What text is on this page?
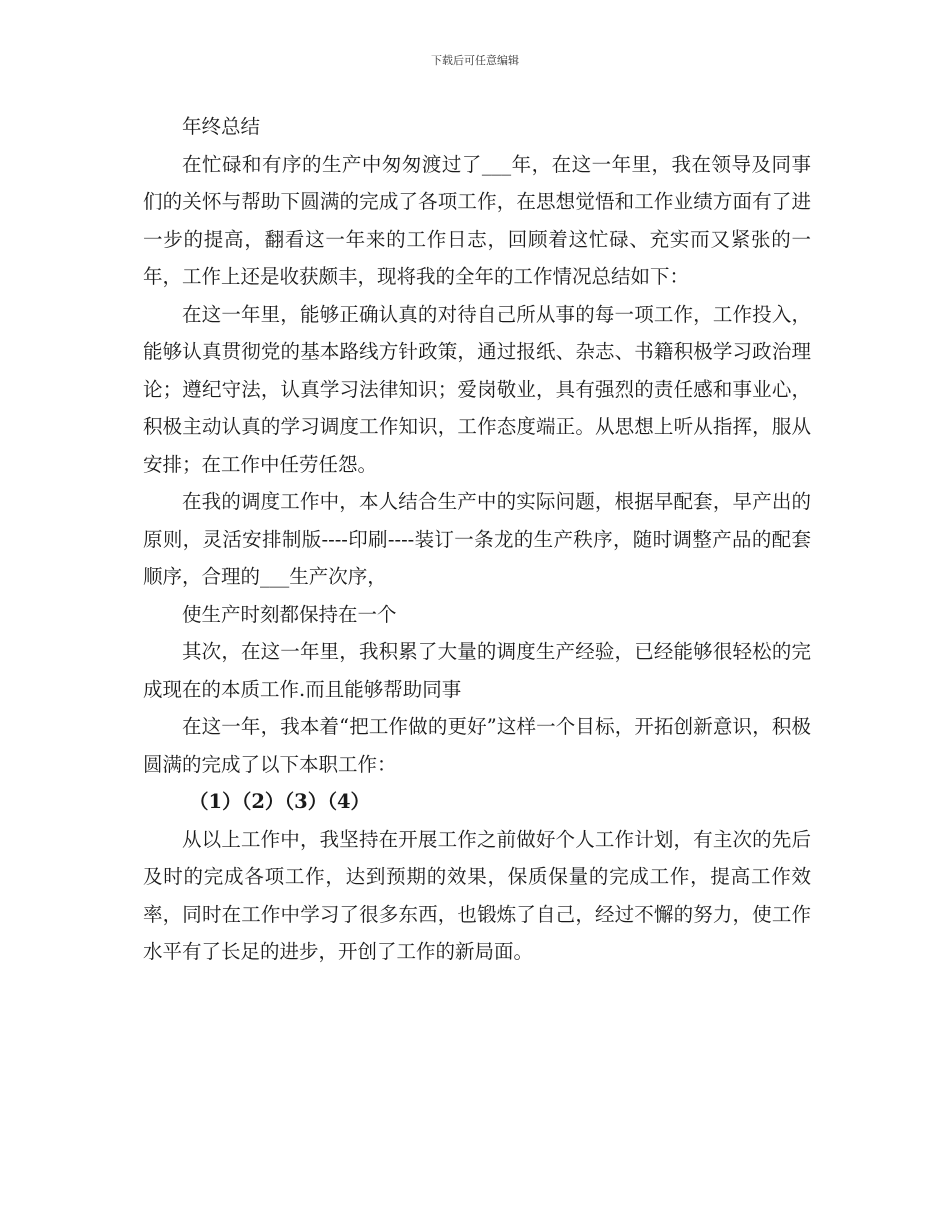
下载后可任意编辑

年终总结

在忙碌和有序的生产中匆匆渡过了___年，在这一年里，我在领导及同事们的关怀与帮助下圆满的完成了各项工作，在思想觉悟和工作业绩方面有了进一步的提高，翻看这一年来的工作日志，回顾着这忙碌、充实而又紧张的一年，工作上还是收获颇丰，现将我的全年的工作情况总结如下：

在这一年里，能够正确认真的对待自己所从事的每一项工作，工作投入，能够认真贯彻党的基本路线方针政策，通过报纸、杂志、书籍积极学习政治理论；遵纪守法，认真学习法律知识；爱岗敬业，具有强烈的责任感和事业心，积极主动认真的学习调度工作知识，工作态度端正。从思想上听从指挥，服从安排；在工作中任劳任怨。

在我的调度工作中，本人结合生产中的实际问题，根据早配套，早产出的原则，灵活安排制版----印刷----装订一条龙的生产秩序，随时调整产品的配套顺序，合理的___生产次序，

使生产时刻都保持在一个

其次，在这一年里，我积累了大量的调度生产经验，已经能够很轻松的完成现在的本质工作.而且能够帮助同事

在这一年，我本着“把工作做的更好”这样一个目标，开拓创新意识，积极圆满的完成了以下本职工作：

（1）（2）（3）（4）

从以上工作中，我坚持在开展工作之前做好个人工作计划，有主次的先后及时的完成各项工作，达到预期的效果，保质保量的完成工作，提高工作效率，同时在工作中学习了很多东西，也锻炼了自己，经过不懈的努力，使工作水平有了长足的进步，开创了工作的新局面。
